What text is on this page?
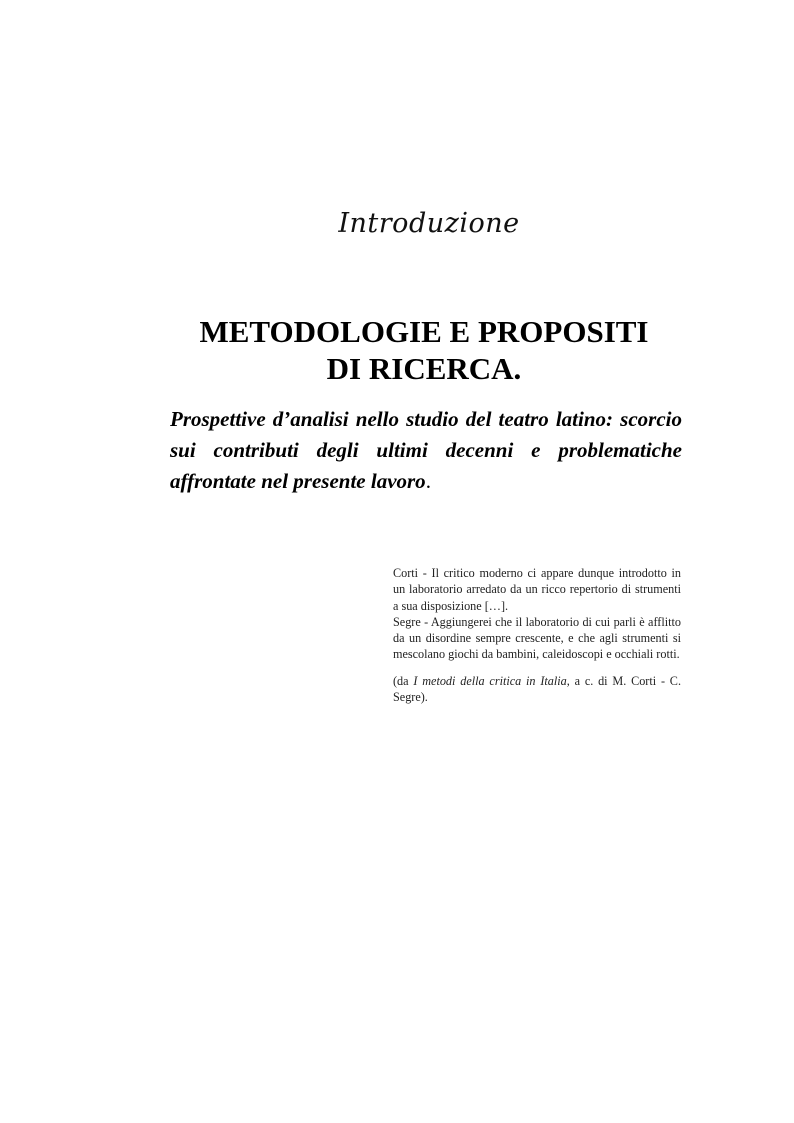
Introduzione
METODOLOGIE E PROPOSITI
DI RICERCA.

Prospettive d’analisi nello studio del teatro latino: scorcio sui contributi degli ultimi decenni e problematiche affrontate nel presente lavoro.

Corti - Il critico moderno ci appare dunque introdotto in un laboratorio arredato da un ricco repertorio di strumenti a sua disposizione […].

Segre - Aggiungerei che il laboratorio di cui parli è afflitto da un disordine sempre crescente, e che agli strumenti si mescolano giochi da bambini, caleidoscopi e occhiali rotti.

(da I metodi della critica in Italia, a c. di M. Corti - C. Segre).
